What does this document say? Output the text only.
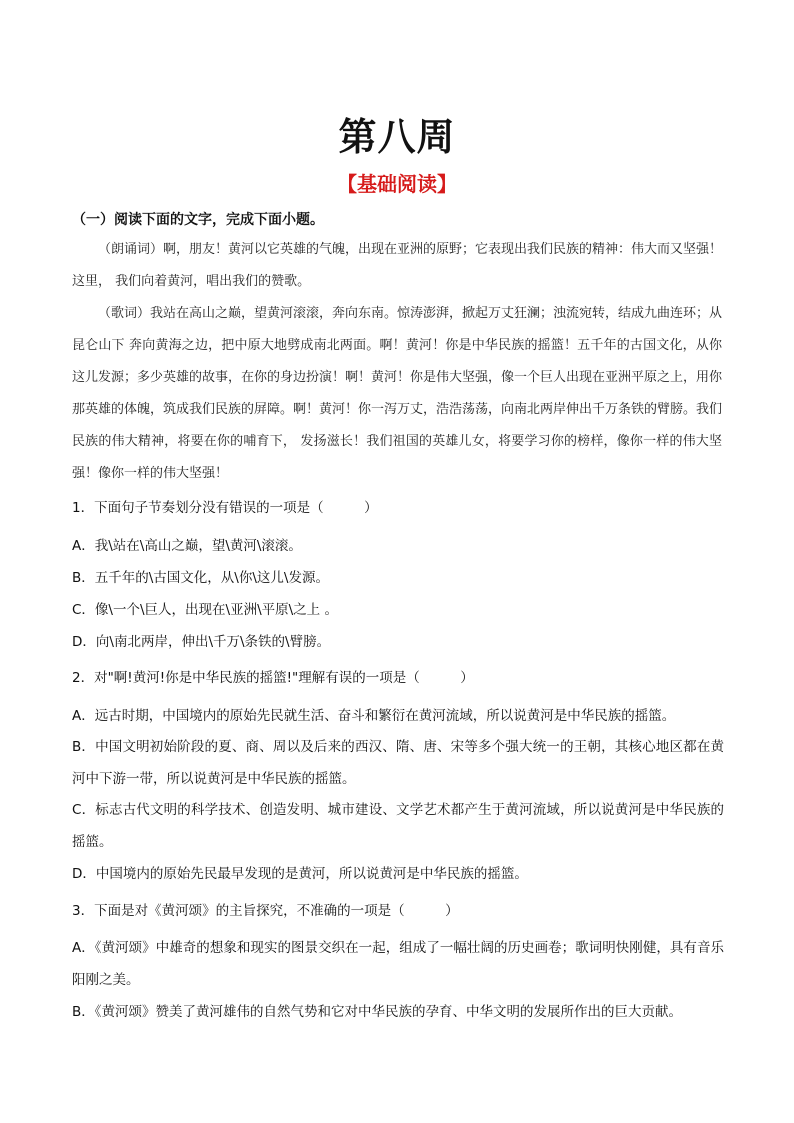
第八周
【基础阅读】
（一）阅读下面的文字，完成下面小题。
（朗诵词）啊，朋友！黄河以它英雄的气魄，出现在亚洲的原野；它表现出我们民族的精神：伟大而又坚强！这里， 我们向着黄河，唱出我们的赞歌。
（歌词）我站在高山之巅，望黄河滚滚，奔向东南。惊涛澎湃，掀起万丈狂澜；浊流宛转，结成九曲连环；从昆仑山下 奔向黄海之边，把中原大地劈成南北两面。啊！黄河！你是中华民族的摇篮！五千年的古国文化，从你这儿发源；多少英雄的故事，在你的身边扮演！啊！黄河！你是伟大坚强，像一个巨人出现在亚洲平原之上，用你那英雄的体魄，筑成我们民族的屏障。啊！黄河！你一泻万丈，浩浩荡荡，向南北两岸伸出千万条铁的臂膀。我们民族的伟大精神，将要在你的哺育下， 发扬滋长！我们祖国的英雄儿女，将要学习你的榜样，像你一样的伟大坚强！像你一样的伟大坚强！
1．下面句子节奏划分没有错误的一项是（　　　）
A．我\站在\高山之巅，望\黄河\滚滚。
B．五千年的\古国文化，从\你\这儿\发源。
C．像\一个\巨人，出现在\亚洲\平原\之上 。
D．向\南北两岸，伸出\千万\条铁的\臂膀。
2．对"啊!黄河!你是中华民族的摇篮!"理解有误的一项是（　　　）
A．远古时期，中国境内的原始先民就生活、奋斗和繁衍在黄河流域，所以说黄河是中华民族的摇篮。
B．中国文明初始阶段的夏、商、周以及后来的西汉、隋、唐、宋等多个强大统一的王朝，其核心地区都在黄河中下游一带，所以说黄河是中华民族的摇篮。
C．标志古代文明的科学技术、创造发明、城市建设、文学艺术都产生于黄河流域，所以说黄河是中华民族的摇篮。
D．中国境内的原始先民最早发现的是黄河，所以说黄河是中华民族的摇篮。
3．下面是对《黄河颂》的主旨探究，不准确的一项是（　　　）
A．《黄河颂》中雄奇的想象和现实的图景交织在一起，组成了一幅壮阔的历史画卷；歌词明快刚健，具有音乐阳刚之美。
B．《黄河颂》赞美了黄河雄伟的自然气势和它对中华民族的孕育、中华文明的发展所作出的巨大贡献。
